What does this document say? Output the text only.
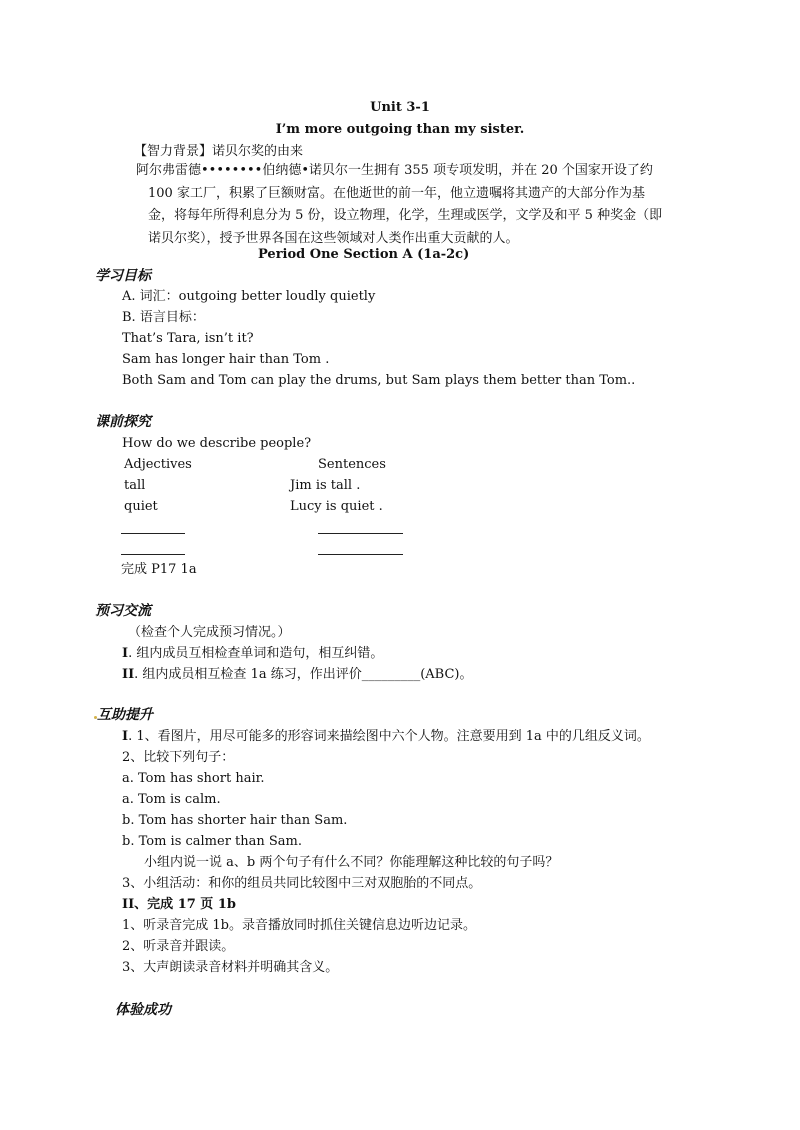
Unit 3-1
I’m more outgoing than my sister.
【智力背景】诺贝尔奖的由来
阿尔弗雷德••••••••伯纳德•诺贝尔一生拥有 355 项专项发明，并在 20 个国家开设了约 100 家工厂，积累了巨额财富。在他逝世的前一年，他立遗嘱将其遗产的大部分作为基金，将每年所得利息分为 5 份，设立物理，化学，生理或医学，文学及和平 5 种奖金（即诺贝尔奖），授予世界各国在这些领域对人类作出重大贡献的人。
Period One Section A (1a-2c)
学习目标
A. 词汇：outgoing better loudly quietly
B. 语言目标：
That’s Tara, isn’t it?
Sam has longer hair than Tom .
Both Sam and Tom can play the drums, but Sam plays them better than Tom..
课前探究
How do we describe people?
Adjectives	Sentences
tall	Jim is tall .
quiet	Lucy is quiet .
完成 P17 1a
预习交流
（检查个人完成预习情况。）
I. 组内成员互相检查单词和造句，相互纠错。
II. 组内成员相互检查 1a 练习，作出评价_________(ABC)。
互助提升
I. 1、看图片，用尽可能多的形容词来描绘图中六个人物。注意要用到 1a 中的几组反义词。
2、比较下列句子：
a. Tom has short hair.
a. Tom is calm.
b. Tom has shorter hair than Sam.
b. Tom is calmer than Sam.
小组内说一说 a、b 两个句子有什么不同？你能理解这种比较的句子吗？
3、小组活动：和你的组员共同比较图中三对双胞胎的不同点。
II、完成 17 页 1b
1、听录音完成 1b。录音播放同时抓住关键信息边听边记录。
2、听录音并跟读。
3、大声朗读录音材料并明确其含义。
体验成功
